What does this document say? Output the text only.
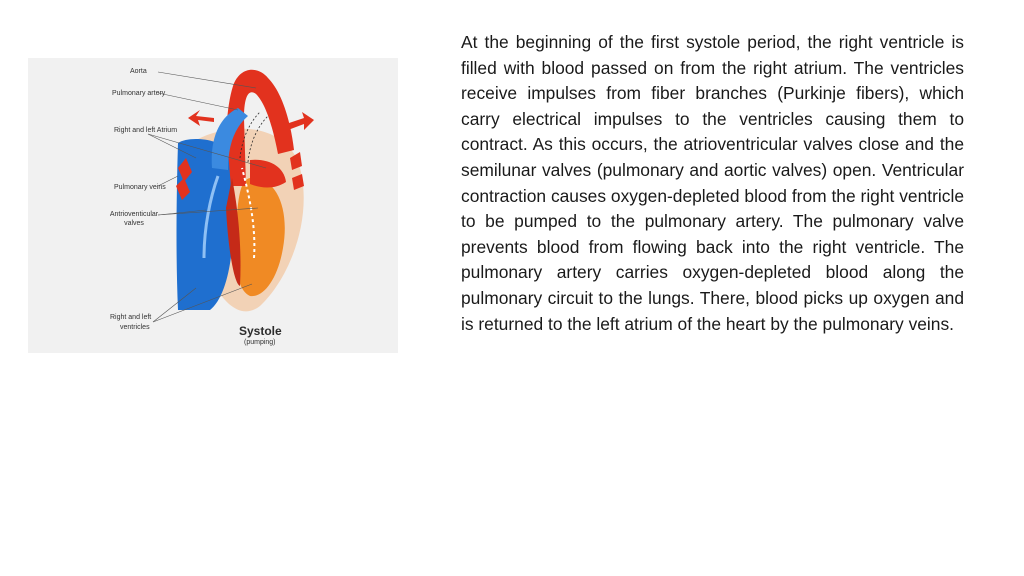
Aorta
Pulmonary artery
Right and left Atrium
Pulmonary veins
Antrioventicular
valves
Right and left
ventricles	Systole
(pumping)

At the beginning of the first systole period, the right ventricle is filled with blood passed on from the right atrium. The ventricles receive impulses from fiber branches (Purkinje fibers), which carry electrical impulses to the ventricles causing them to contract. As this occurs, the atrioventricular valves close and the semilunar valves (pulmonary and aortic valves) open. Ventricular contraction causes oxygen-depleted blood from the right ventricle to be pumped to the pulmonary artery. The pulmonary valve prevents blood from flowing back into the right ventricle. The pulmonary artery carries oxygen-depleted blood along the pulmonary circuit to the lungs. There, blood picks up oxygen and is returned to the left atrium of the heart by the pulmonary veins.
